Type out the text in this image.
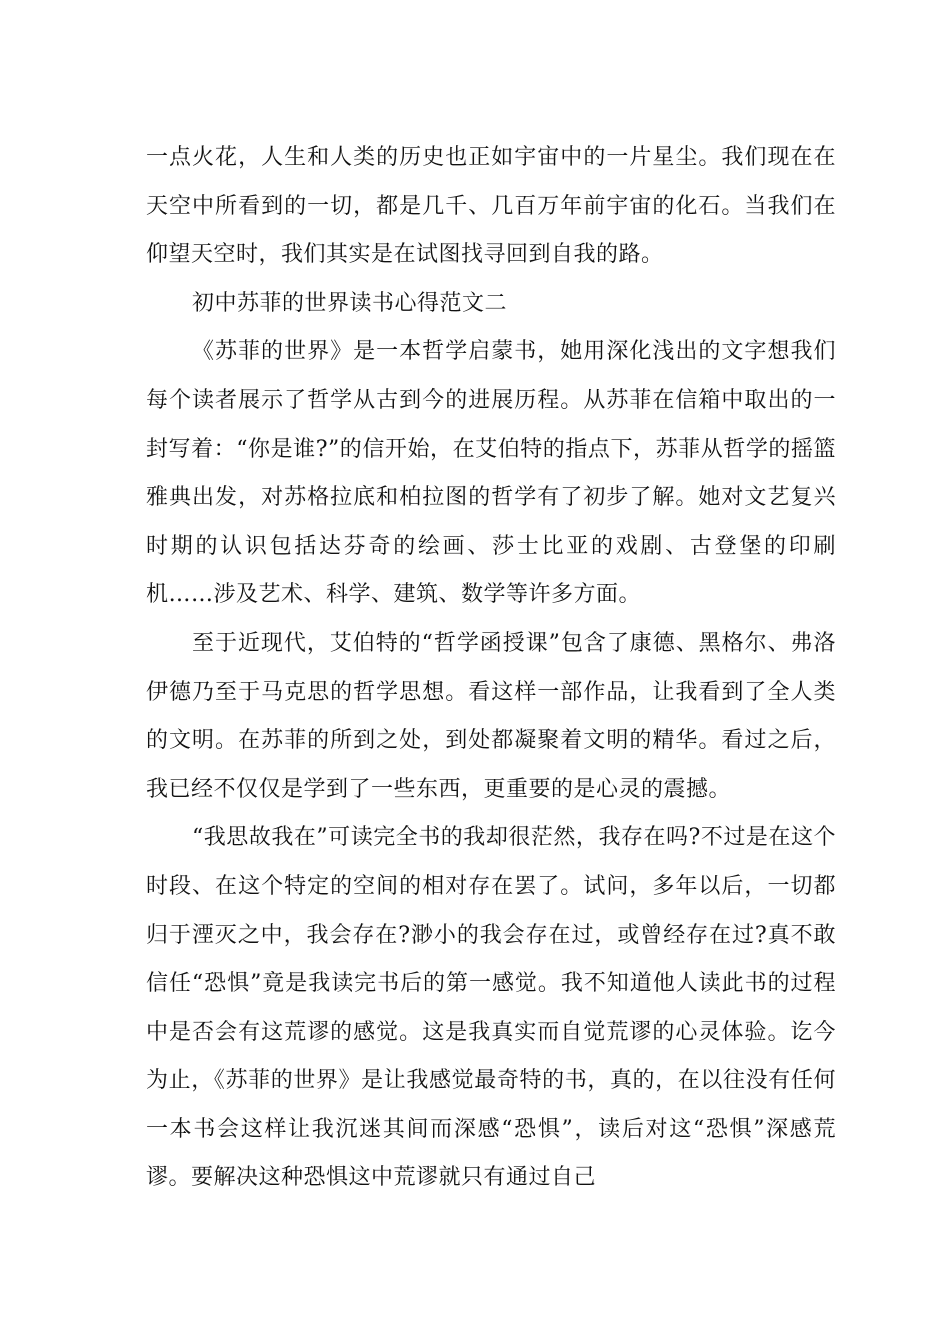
一点火花，人生和人类的历史也正如宇宙中的一片星尘。我们现在在天空中所看到的一切，都是几千、几百万年前宇宙的化石。当我们在仰望天空时，我们其实是在试图找寻回到自我的路。

初中苏菲的世界读书心得范文二

《苏菲的世界》是一本哲学启蒙书，她用深化浅出的文字想我们每个读者展示了哲学从古到今的进展历程。从苏菲在信箱中取出的一封写着：“你是谁?”的信开始，在艾伯特的指点下，苏菲从哲学的摇篮雅典出发，对苏格拉底和柏拉图的哲学有了初步了解。她对文艺复兴时期的认识包括达芬奇的绘画、莎士比亚的戏剧、古登堡的印刷机……涉及艺术、科学、建筑、数学等许多方面。

至于近现代，艾伯特的“哲学函授课”包含了康德、黑格尔、弗洛伊德乃至于马克思的哲学思想。看这样一部作品，让我看到了全人类的文明。在苏菲的所到之处，到处都凝聚着文明的精华。看过之后，我已经不仅仅是学到了一些东西，更重要的是心灵的震撼。

“我思故我在”可读完全书的我却很茫然，我存在吗?不过是在这个时段、在这个特定的空间的相对存在罢了。试问，多年以后，一切都归于湮灭之中，我会存在?渺小的我会存在过，或曾经存在过?真不敢信任“恐惧”竟是我读完书后的第一感觉。我不知道他人读此书的过程中是否会有这荒谬的感觉。这是我真实而自觉荒谬的心灵体验。讫今为止，《苏菲的世界》是让我感觉最奇特的书，真的，在以往没有任何一本书会这样让我沉迷其间而深感“恐惧”，读后对这“恐惧”深感荒谬。要解决这种恐惧这中荒谬就只有通过自己
